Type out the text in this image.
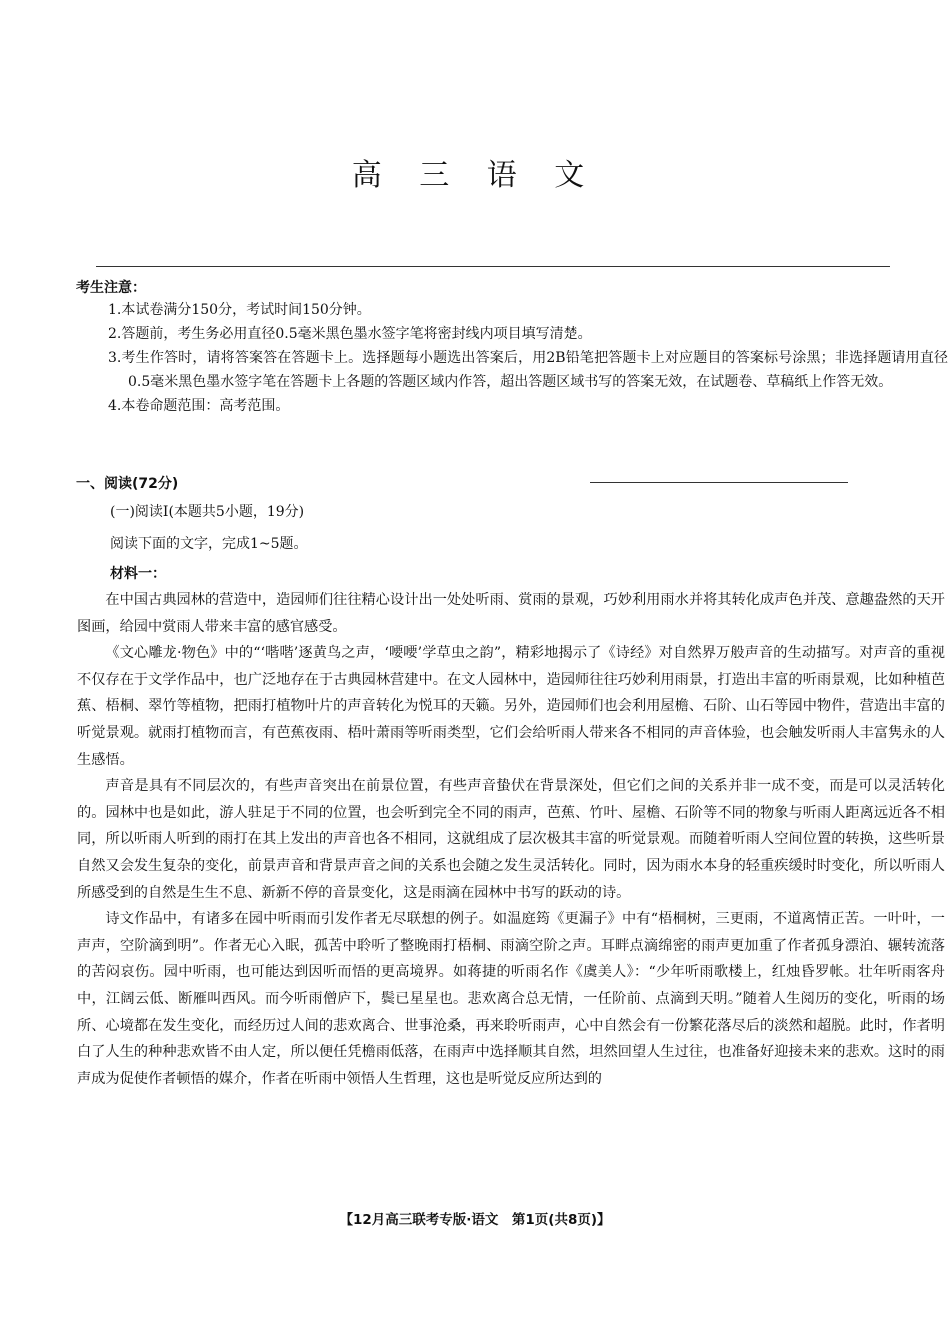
高 三 语 文
考生注意：
1.本试卷满分150分，考试时间150分钟。
2.答题前，考生务必用直径0.5毫米黑色墨水签字笔将密封线内项目填写清楚。
3.考生作答时，请将答案答在答题卡上。选择题每小题选出答案后，用2B铅笔把答题卡上对应题目的答案标号涂黑；非选择题请用直径0.5毫米黑色墨水签字笔在答题卡上各题的答题区域内作答，超出答题区域书写的答案无效，在试题卷、草稿纸上作答无效。
4.本卷命题范围：高考范围。
一、阅读(72分)
(一)阅读Ⅰ(本题共5小题，19分)
阅读下面的文字，完成1~5题。
材料一：

在中国古典园林的营造中，造园师们往往精心设计出一处处听雨、赏雨的景观，巧妙利用雨水并将其转化成声色并茂、意趣盎然的天开图画，给园中赏雨人带来丰富的感官感受。

《文心雕龙·物色》中的“‘喈喈’逐黄鸟之声，‘喓喓’学草虫之韵”，精彩地揭示了《诗经》对自然界万般声音的生动描写。对声音的重视不仅存在于文学作品中，也广泛地存在于古典园林营建中。在文人园林中，造园师往往巧妙利用雨景，打造出丰富的听雨景观，比如种植芭蕉、梧桐、翠竹等植物，把雨打植物叶片的声音转化为悦耳的天籁。另外，造园师们也会利用屋檐、石阶、山石等园中物件，营造出丰富的听觉景观。就雨打植物而言，有芭蕉夜雨、梧叶萧雨等听雨类型，它们会给听雨人带来各不相同的声音体验，也会触发听雨人丰富隽永的人生感悟。

声音是具有不同层次的，有些声音突出在前景位置，有些声音蛰伏在背景深处，但它们之间的关系并非一成不变，而是可以灵活转化的。园林中也是如此，游人驻足于不同的位置，也会听到完全不同的雨声，芭蕉、竹叶、屋檐、石阶等不同的物象与听雨人距离远近各不相同，所以听雨人听到的雨打在其上发出的声音也各不相同，这就组成了层次极其丰富的听觉景观。而随着听雨人空间位置的转换，这些听景自然又会发生复杂的变化，前景声音和背景声音之间的关系也会随之发生灵活转化。同时，因为雨水本身的轻重疾缓时时变化，所以听雨人所感受到的自然是生生不息、新新不停的音景变化，这是雨滴在园林中书写的跃动的诗。

诗文作品中，有诸多在园中听雨而引发作者无尽联想的例子。如温庭筠《更漏子》中有“梧桐树，三更雨，不道离情正苦。一叶叶，一声声，空阶滴到明”。作者无心入眠，孤苦中聆听了整晚雨打梧桐、雨滴空阶之声。耳畔点滴绵密的雨声更加重了作者孤身漂泊、辗转流落的苦闷哀伤。园中听雨，也可能达到因听而悟的更高境界。如蒋捷的听雨名作《虞美人》：“少年听雨歌楼上，红烛昏罗帐。壮年听雨客舟中，江阔云低、断雁叫西风。而今听雨僧庐下，鬓已星星也。悲欢离合总无情，一任阶前、点滴到天明。”随着人生阅历的变化，听雨的场所、心境都在发生变化，而经历过人间的悲欢离合、世事沧桑，再来聆听雨声，心中自然会有一份繁花落尽后的淡然和超脱。此时，作者明白了人生的种种悲欢皆不由人定，所以便任凭檐雨低落，在雨声中选择顺其自然，坦然回望人生过往，也准备好迎接未来的悲欢。这时的雨声成为促使作者顿悟的媒介，作者在听雨中领悟人生哲理，这也是听觉反应所达到的

【12月高三联考专版·语文　第1页(共8页)】
